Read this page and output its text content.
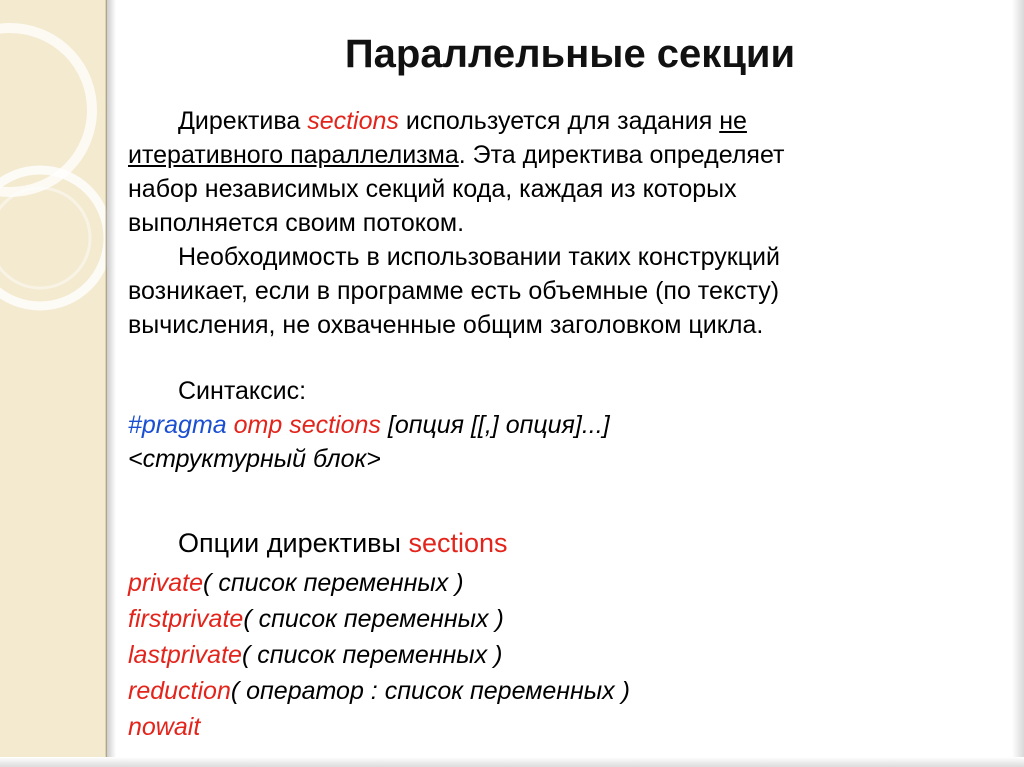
Параллельные секции
Директива sections используется для задания не
итеративного параллелизма. Эта директива определяет
набор независимых секций кода, каждая из которых
выполняется своим потоком.
Необходимость в использовании таких конструкций
возникает, если в программе есть объемные (по тексту)
вычисления, не охваченные общим заголовком цикла.
Синтаксис:
#pragma omp sections [опция [[,] опция]...]
<структурный блок>
Опции директивы sections
private( список переменных )
firstprivate( список переменных )
lastprivate( список переменных )
reduction( оператор : список переменных )
nowait
